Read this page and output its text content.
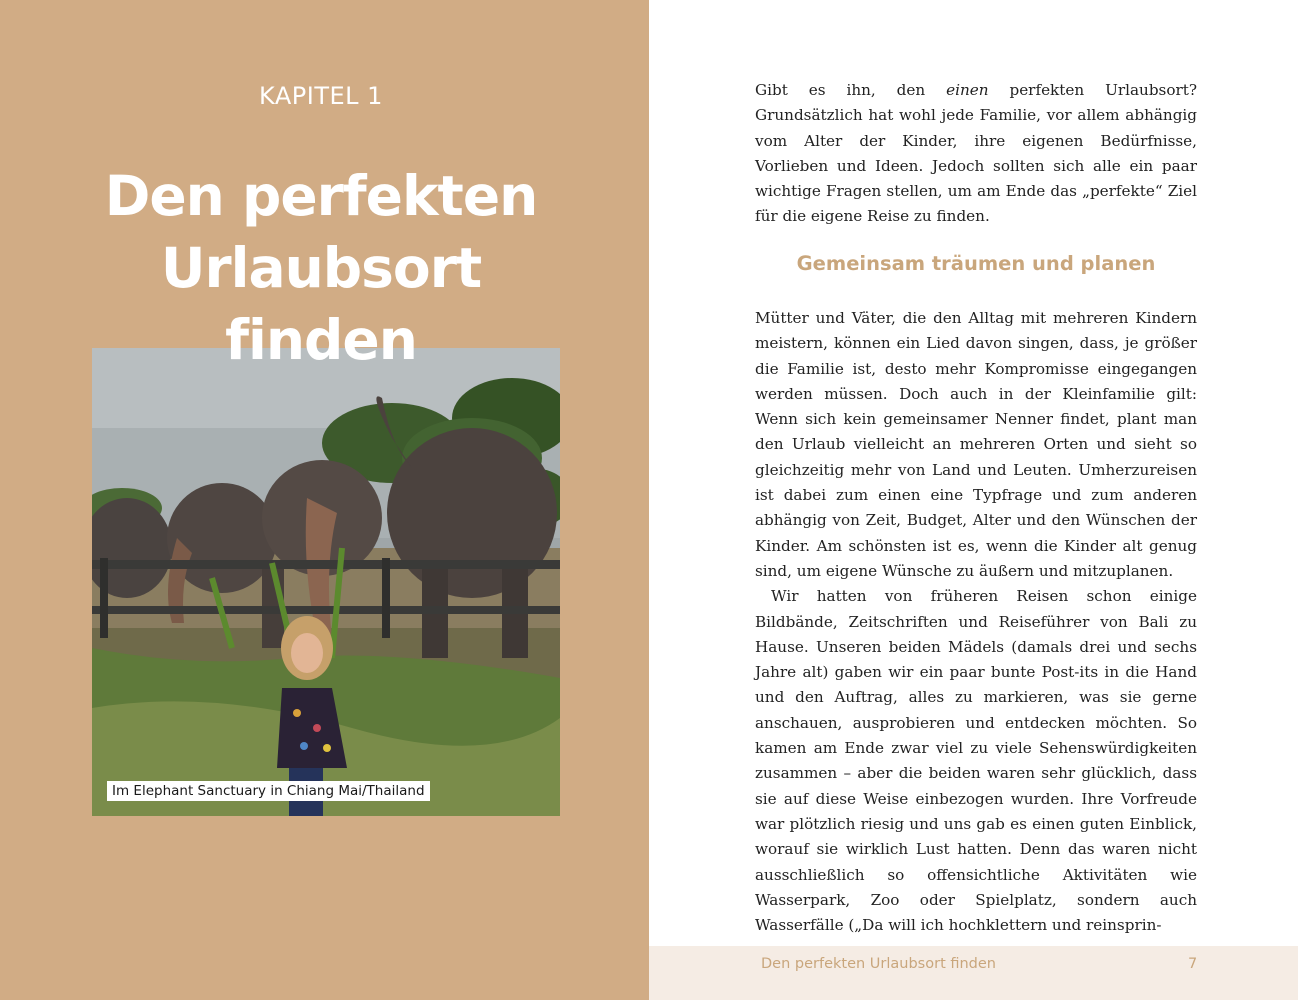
KAPITEL 1
Den perfekten
Urlaubsort
finden
Im Elephant Sanctuary in Chiang Mai/Thailand

Gibt es ihn, den einen perfekten Urlaubsort? Grundsätzlich hat wohl jede Familie, vor allem abhängig vom Alter der Kinder, ihre eigenen Bedürfnisse, Vorlieben und Ideen. Jedoch sollten sich alle ein paar wichtige Fragen stellen, um am Ende das „perfekte“ Ziel für die eigene Reise zu finden.

Gemeinsam träumen und planen

Mütter und Väter, die den Alltag mit mehreren Kindern meistern, können ein Lied davon singen, dass, je größer die Familie ist, desto mehr Kompromisse eingegangen werden müssen. Doch auch in der Kleinfamilie gilt: Wenn sich kein gemeinsamer Nenner findet, plant man den Urlaub vielleicht an mehreren Orten und sieht so gleichzeitig mehr von Land und Leuten. Umherzureisen ist dabei zum einen eine Typfrage und zum anderen abhängig von Zeit, Budget, Alter und den Wünschen der Kinder. Am schönsten ist es, wenn die Kinder alt genug sind, um eigene Wünsche zu äußern und mitzuplanen.

Wir hatten von früheren Reisen schon einige Bildbände, Zeitschriften und Reiseführer von Bali zu Hause. Unseren beiden Mädels (damals drei und sechs Jahre alt) gaben wir ein paar bunte Post-its in die Hand und den Auftrag, alles zu markieren, was sie gerne anschauen, ausprobieren und entdecken möchten. So kamen am Ende zwar viel zu viele Sehenswürdigkeiten zusammen – aber die beiden waren sehr glücklich, dass sie auf diese Weise einbezogen wurden. Ihre Vorfreude war plötzlich riesig und uns gab es einen guten Einblick, worauf sie wirklich Lust hatten. Denn das waren nicht ausschließlich so offensichtliche Aktivitäten wie Wasserpark, Zoo oder Spielplatz, sondern auch Wasserfälle („Da will ich hochklettern und reinsprin-

Den perfekten Urlaubsort finden	7
